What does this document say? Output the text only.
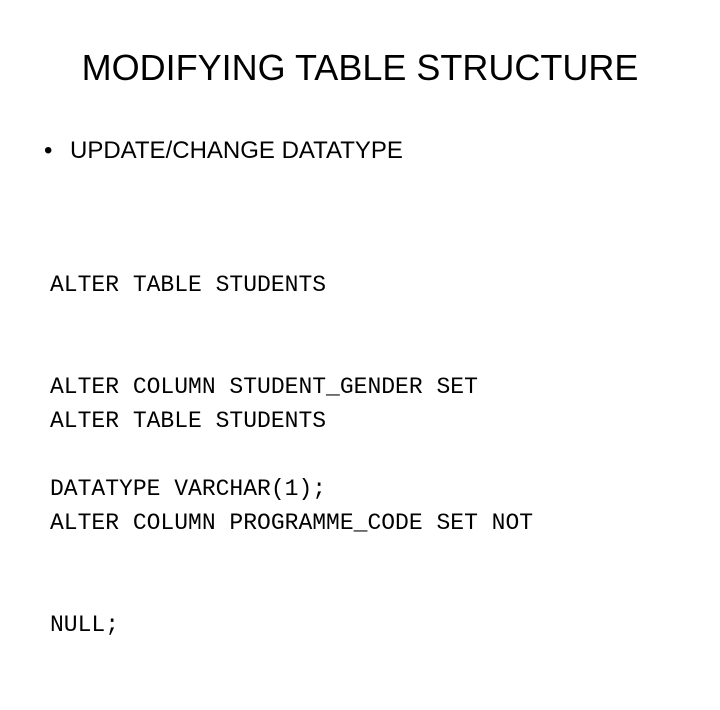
MODIFYING TABLE STRUCTURE
• UPDATE/CHANGE DATATYPE

ALTER TABLE STUDENTS

ALTER COLUMN STUDENT_GENDER SET

DATATYPE VARCHAR(1);

ALTER TABLE STUDENTS

ALTER COLUMN PROGRAMME_CODE SET NOT

NULL;
